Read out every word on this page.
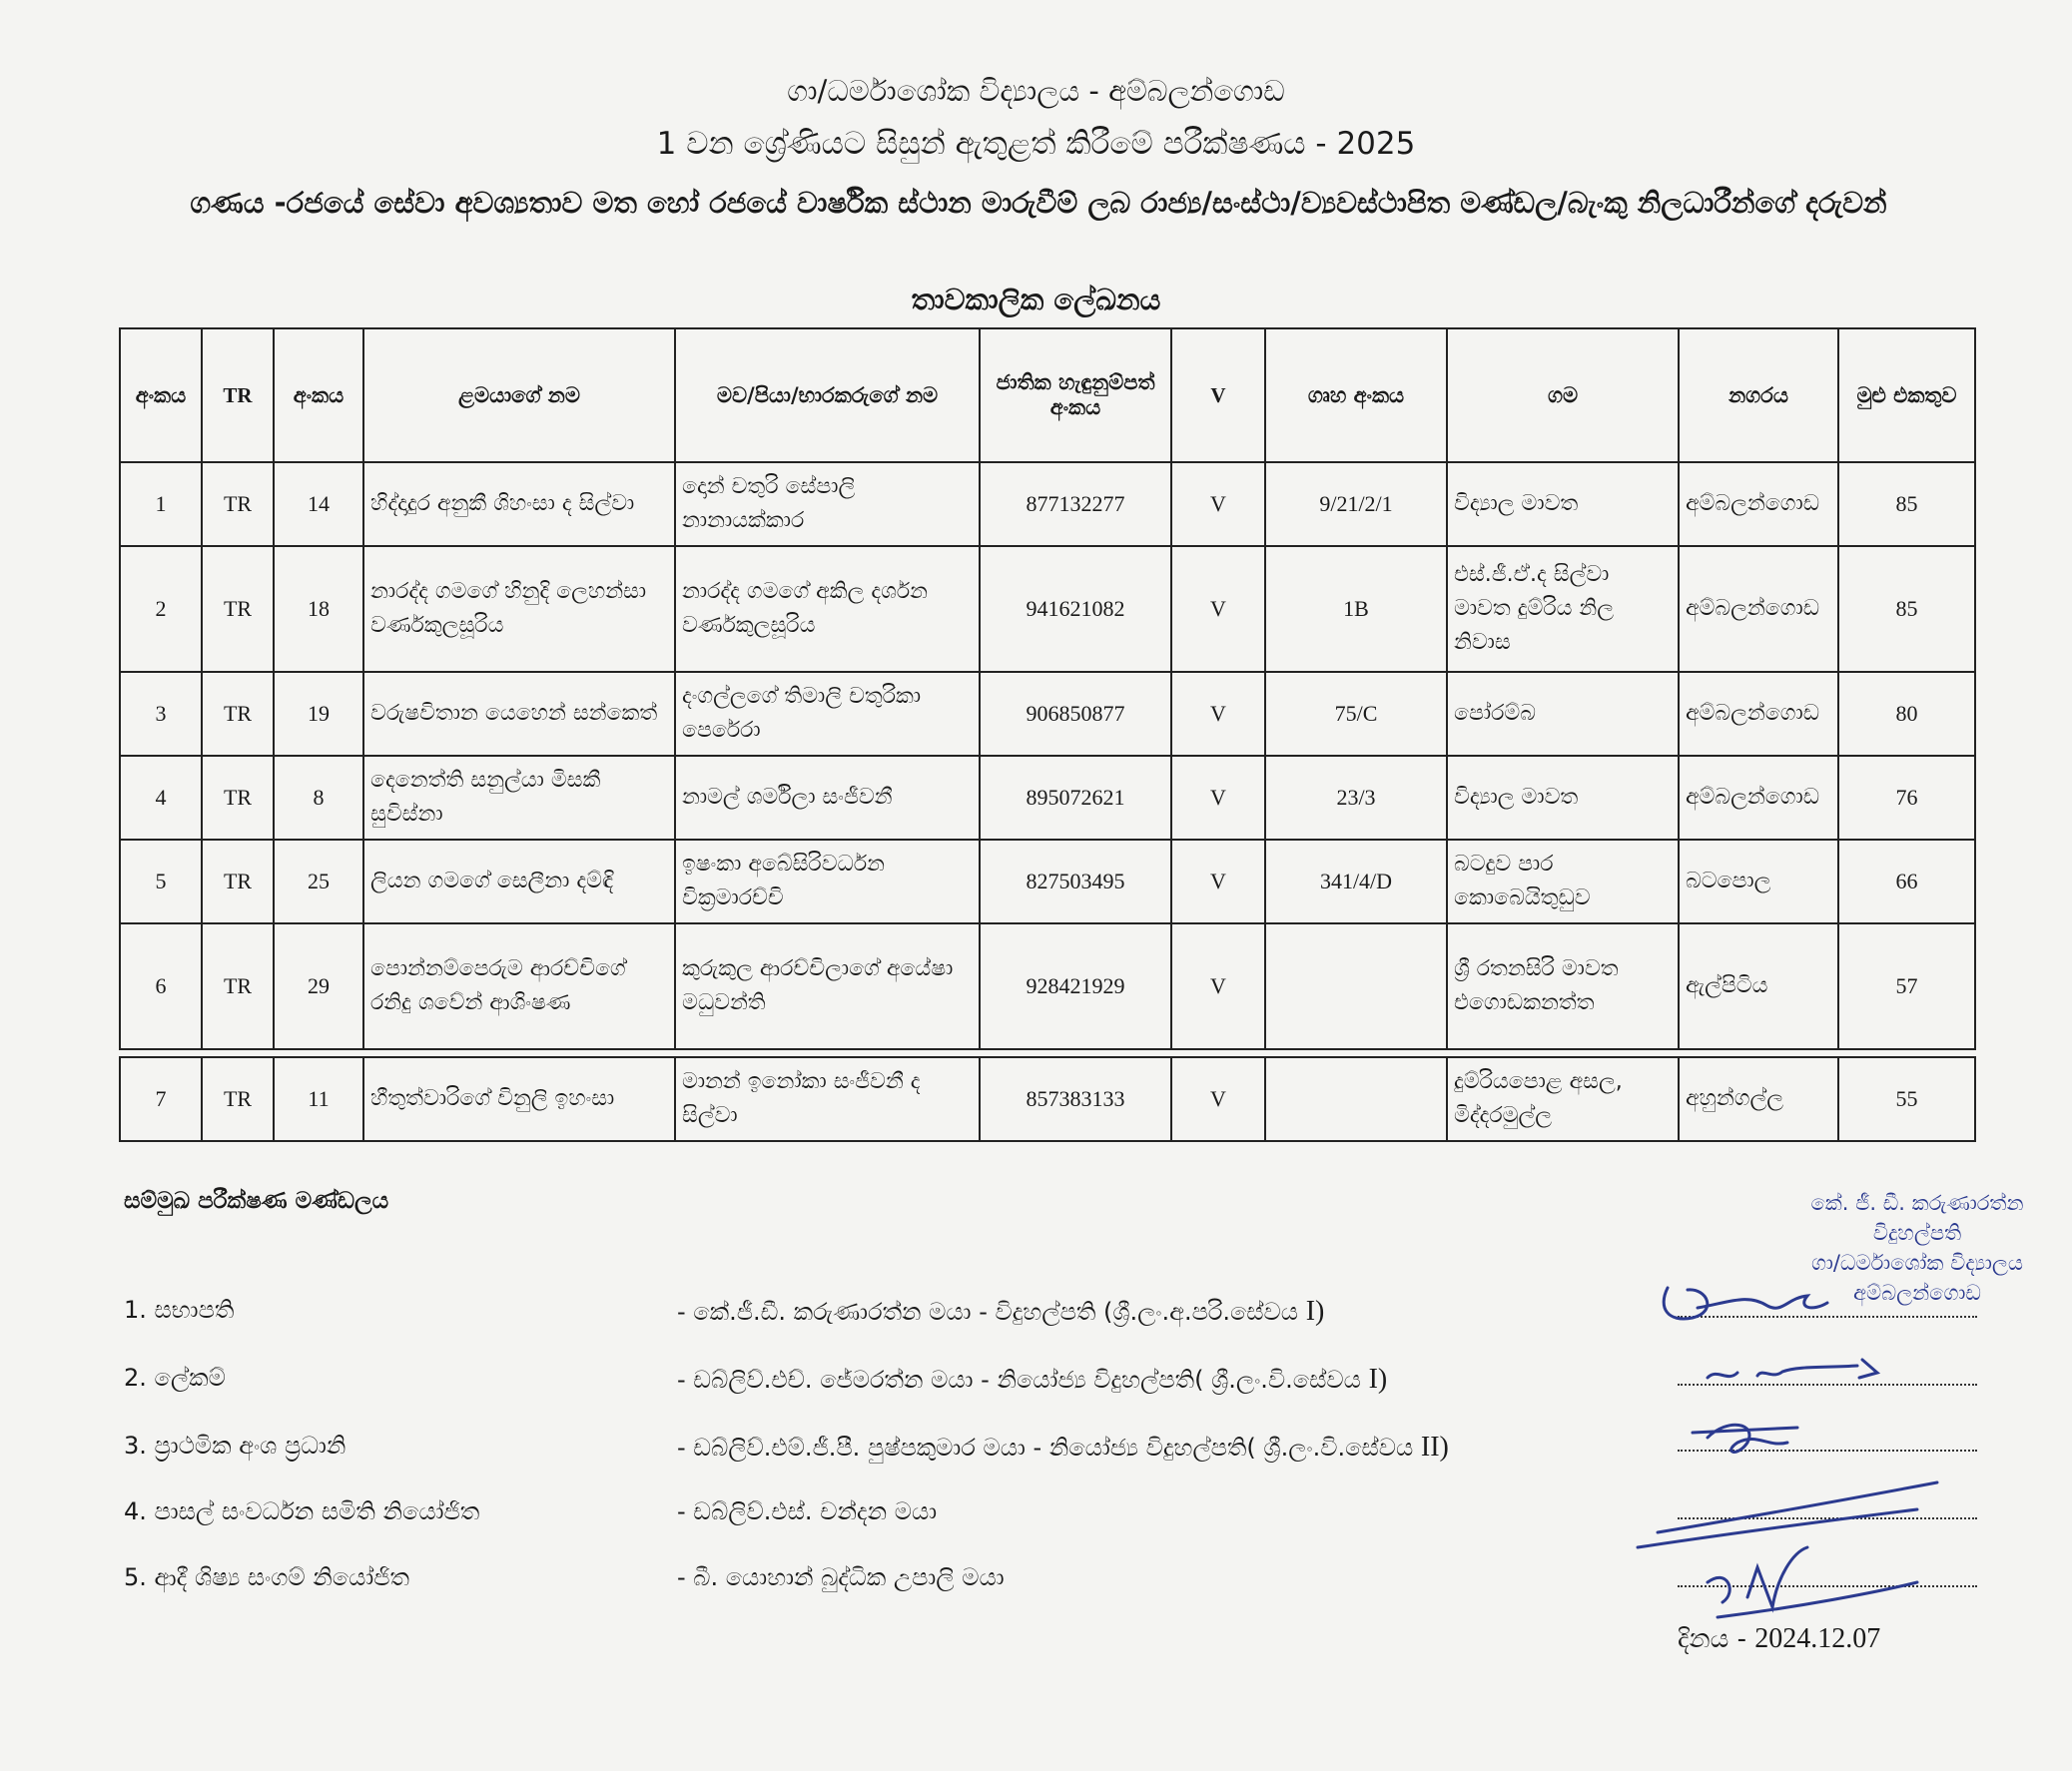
ගා/ධර්මාශෝක විද්‍යාලය - අම්බලන්ගොඩ
1 වන ශ්‍රේණියට සිසුන් ඇතුළත් කිරීමේ පරීක්ෂණය - 2025
ගණය -රජයේ සේවා අවශ්‍යතාව මත හෝ රජයේ වාර්ෂික ස්ථාන මාරුවීම් ලබ රාජ්‍ය/සංස්ථා/ව්‍යවස්ථාපිත මණ්ඩල/බැංකු නිලධාරීන්ගේ දරුවන්
තාවකාලික ලේඛනය
අංකය	TR	අංකය	ළමයාගේ නම	මව/පියා/භාරකරුගේ නම	ජාතික හැඳුනුම්පත් අංකය	V	ගෘහ අංකය	ගම	නගරය	මුළු එකතුව
1	TR	14	හිද්දාදුර අනුකී ශිහංසා ද සිල්වා	දොන් චතුරි සේපාලි නානායක්කාර	877132277	V	9/21/2/1	විද්‍යාල මාවත	අම්බලන්ගොඩ	85
2	TR	18	නාරද්ද ගමගේ හිනුදි ලෙහන්සා වර්ණකුලසූරිය	නාරද්ද ගමගේ අකිල දර්ශන වර්ණකුලසූරිය	941621082	V	1B	එස්.ජී.ඒ.ද සිල්වා මාවත දුම්රිය නිල නිවාස	අම්බලන්ගොඩ	85
3	TR	19	වරුෂවිතාන යෙහෙන් සන්කෙත්	දංගල්ලගේ තිමාලි චතුරිකා පෙරේරා	906850877	V	75/C	පෝරම්බ	අම්බලන්ගොඩ	80
4	TR	8	දෙනෙත්ති සනුල්යා මිසකී සුවිස්නා	නාමල් ශර්මිලා සංජීවනී	895072621	V	23/3	විද්‍යාල මාවත	අම්බලන්ගොඩ	76
5	TR	25	ලියන ගමගේ සෙලීනා දම්ඳි	ඉෂංකා අබේසිරිවර්ධන වික්‍රමාරච්චි	827503495	V	341/4/D	බටදුව පාර කොබෙයිතුඩුව	බටපොල	66
6	TR	29	පොන්නම්පෙරුම ආරච්චිගේ රනිදු ශවේන් ආශිංෂණ	කුරුකුල ආරච්චිලාගේ අයේෂා මධුවන්ති	928421929	V		ශ්‍රී රතනසිරි මාවත එගොඩකනත්ත	ඇල්පිටිය	57

7	TR	11	හීතුත්වාරිගේ විනුලි ඉහංසා	මානන් ඉනෝකා සංජීවනී ද සිල්වා	857383133	V		දුම්රියපොළ අසල, මිද්දරමුල්ල	අහුන්ගල්ල	55
සම්මුඛ පරීක්ෂණ මණ්ඩලය
1. සභාපති	- කේ.ජී.ඩී. කරුණාරත්න මයා - විදුහල්පති (ශ්‍රී.ලං.අ.පරි.සේවය I)
2. ලේකම්	- ඩබ්ලිව්.එච්. ජේමරත්න මයා - නියෝජ්‍ය විදුහල්පති( ශ්‍රී.ලං.වි.සේවය I)
3. ප්‍රාථමික අංශ ප්‍රධානි	- ඩබ්ලිව්.එම්.ජී.පී. පුෂ්පකුමාර මයා - නියෝජ්‍ය විදුහල්පති( ශ්‍රී.ලං.වි.සේවය II)
4. පාසල් සංවර්ධන සමිති නියෝජිත	- ඩබ්ලිව්.එස්. චන්දන මයා
5. ආදී ශිෂ්‍ය සංගම් නියෝජිත	- බී. යොහාන් බුද්ධික උපාලි මයා
කේ. ජී. ඩී. කරුණාරත්න
විදුහල්පති
ගා/ධර්මාශෝක විද්‍යාලය
අම්බලන්ගොඩ
දිනය - 2024.12.07
